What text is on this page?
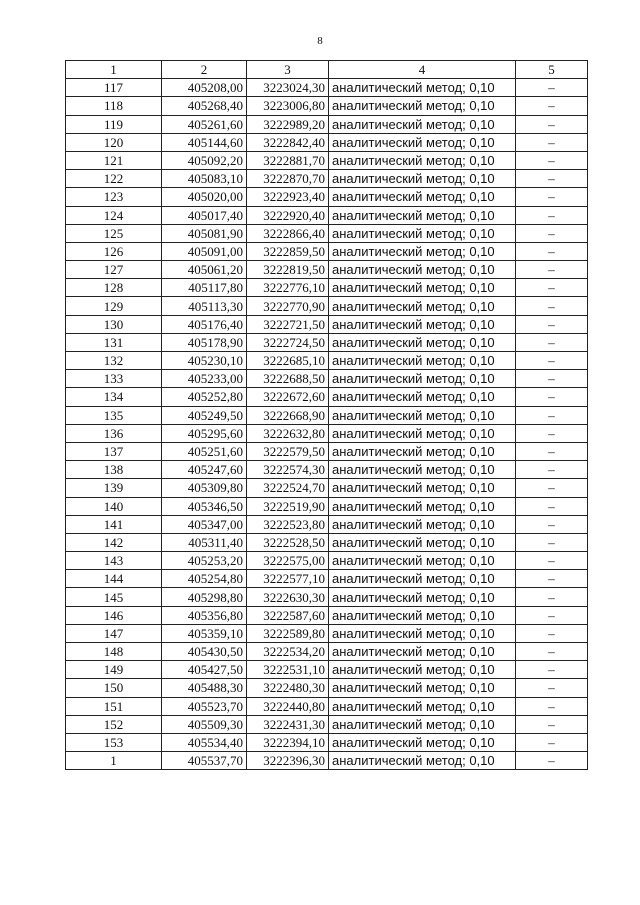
8
1	2	3	4	5
117	405208,00	3223024,30	аналитический метод; 0,10	–
118	405268,40	3223006,80	аналитический метод; 0,10	–
119	405261,60	3222989,20	аналитический метод; 0,10	–
120	405144,60	3222842,40	аналитический метод; 0,10	–
121	405092,20	3222881,70	аналитический метод; 0,10	–
122	405083,10	3222870,70	аналитический метод; 0,10	–
123	405020,00	3222923,40	аналитический метод; 0,10	–
124	405017,40	3222920,40	аналитический метод; 0,10	–
125	405081,90	3222866,40	аналитический метод; 0,10	–
126	405091,00	3222859,50	аналитический метод; 0,10	–
127	405061,20	3222819,50	аналитический метод; 0,10	–
128	405117,80	3222776,10	аналитический метод; 0,10	–
129	405113,30	3222770,90	аналитический метод; 0,10	–
130	405176,40	3222721,50	аналитический метод; 0,10	–
131	405178,90	3222724,50	аналитический метод; 0,10	–
132	405230,10	3222685,10	аналитический метод; 0,10	–
133	405233,00	3222688,50	аналитический метод; 0,10	–
134	405252,80	3222672,60	аналитический метод; 0,10	–
135	405249,50	3222668,90	аналитический метод; 0,10	–
136	405295,60	3222632,80	аналитический метод; 0,10	–
137	405251,60	3222579,50	аналитический метод; 0,10	–
138	405247,60	3222574,30	аналитический метод; 0,10	–
139	405309,80	3222524,70	аналитический метод; 0,10	–
140	405346,50	3222519,90	аналитический метод; 0,10	–
141	405347,00	3222523,80	аналитический метод; 0,10	–
142	405311,40	3222528,50	аналитический метод; 0,10	–
143	405253,20	3222575,00	аналитический метод; 0,10	–
144	405254,80	3222577,10	аналитический метод; 0,10	–
145	405298,80	3222630,30	аналитический метод; 0,10	–
146	405356,80	3222587,60	аналитический метод; 0,10	–
147	405359,10	3222589,80	аналитический метод; 0,10	–
148	405430,50	3222534,20	аналитический метод; 0,10	–
149	405427,50	3222531,10	аналитический метод; 0,10	–
150	405488,30	3222480,30	аналитический метод; 0,10	–
151	405523,70	3222440,80	аналитический метод; 0,10	–
152	405509,30	3222431,30	аналитический метод; 0,10	–
153	405534,40	3222394,10	аналитический метод; 0,10	–
1	405537,70	3222396,30	аналитический метод; 0,10	–
